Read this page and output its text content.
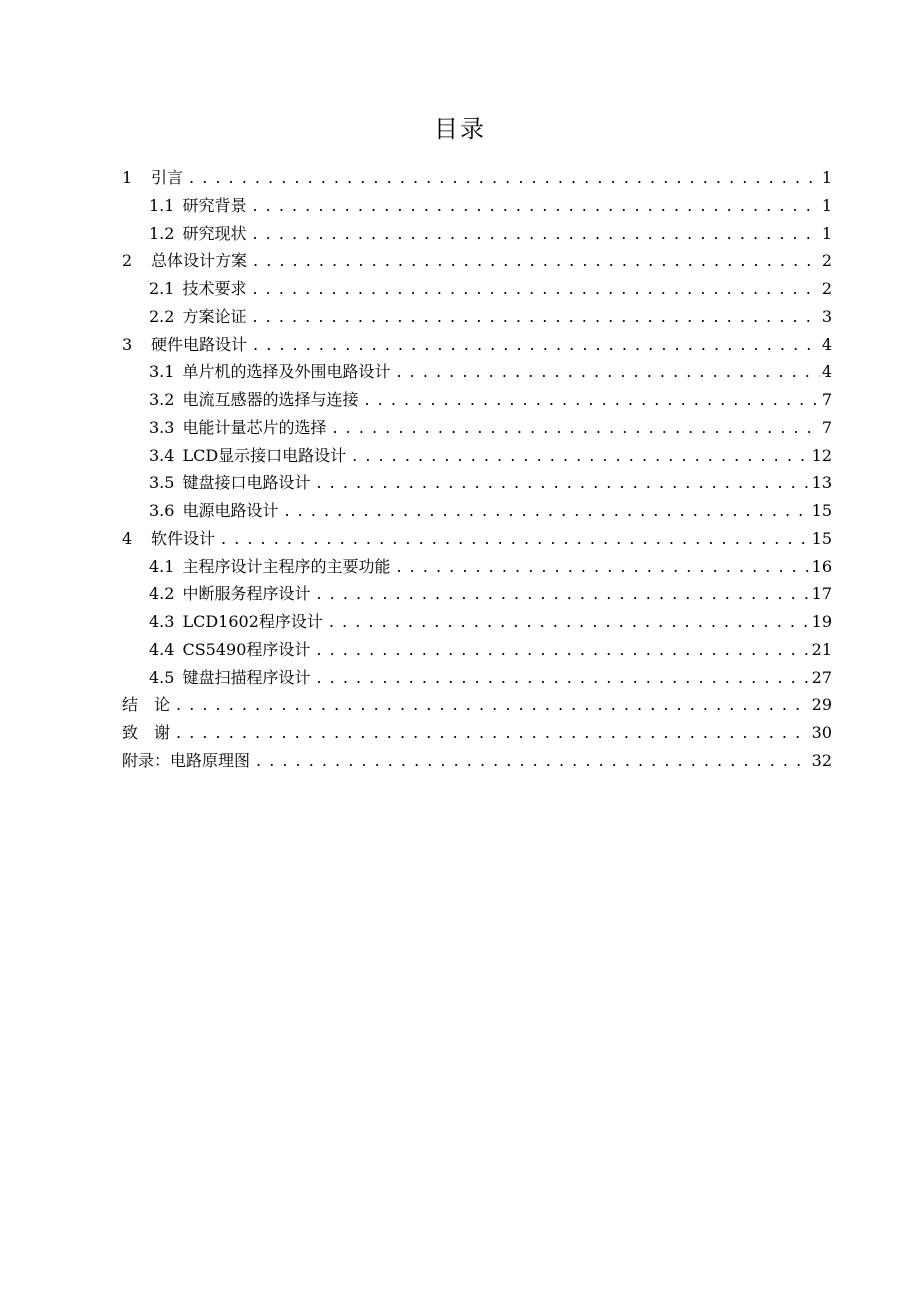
目录
1	引言 . . .	1
1.1 研究背景 . . .	1
1.2 研究现状 . . .	1
2	总体设计方案 . . .	2
2.1 技术要求 . . .	2
2.2 方案论证 . . .	3
3	硬件电路设计 . . .	4
3.1 单片机的选择及外围电路设计 . . .	4
3.2 电流互感器的选择与连接 . . .	7
3.3 电能计量芯片的选择 . . .	7
3.4 LCD显示接口电路设计 . . .	12
3.5 键盘接口电路设计 . . .	13
3.6 电源电路设计 . . .	15
4	软件设计 . . .	15
4.1 主程序设计主程序的主要功能 . . .	16
4.2 中断服务程序设计 . . .	17
4.3 LCD1602程序设计 . . .	19
4.4 CS5490程序设计 . . .	21
4.5 键盘扫描程序设计 . . .	27
结　论 . . .	29
致　谢 . . .	30
附录：电路原理图 . . .	32
